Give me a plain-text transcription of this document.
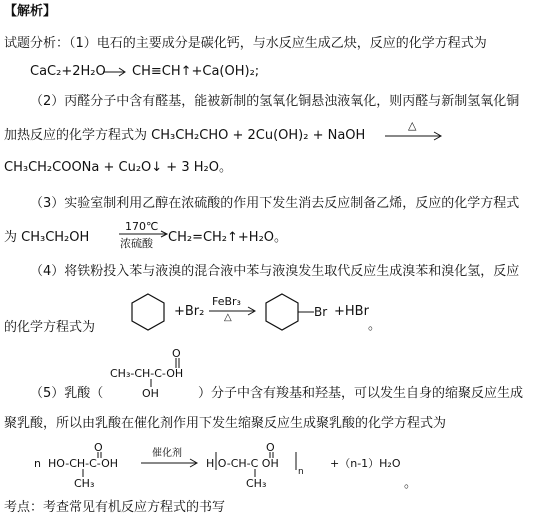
【解析】
试题分析：（1）电石的主要成分是碳化钙，与水反应生成乙炔，反应的化学方程式为
CaC₂+2H₂O CH≡CH↑+Ca(OH)₂;
（2）丙醛分子中含有醛基，能被新制的氢氧化铜悬浊液氧化，则丙醛与新制氢氧化铜
加热反应的化学方程式为 CH₃CH₂CHO + 2Cu(OH)₂ + NaOH
△
CH₃CH₂COONa + Cu₂O↓ + 3 H₂O。
（3）实验室制利用乙醇在浓硫酸的作用下发生消去反应制备乙烯，反应的化学方程式
为 CH₃CH₂OH
170℃
浓硫酸 CH₂=CH₂↑+H₂O。
（4）将铁粉投入苯与液溴的混合液中苯与液溴发生取代反应生成溴苯和溴化氢，反应
的化学方程式为
+Br₂
FeBr₃
△	Br +HBr
。
O
CH₃-CH-C-OH
（5）乳酸（	OH	）分子中含有羧基和羟基，可以发生自身的缩聚反应生成
聚乳酸，所以由乳酸在催化剂作用下发生缩聚反应生成聚乳酸的化学方程式为
n
O
HO-CH-C-OH
CH₃
催化剂	O
H O-CH-C OH
n
CH₃
+（n-1）H₂O
。
考点：考查常见有机反应方程式的书写
